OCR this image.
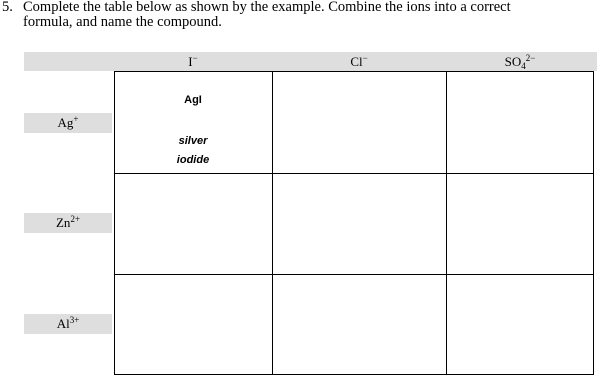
5. Complete the table below as shown by the example. Combine the ions into a correct
formula, and name the compound.
I−	Cl−	$SO_4^{2-}$
Ag+
$Zn^{2+}$
$Al^{3+}$
AgI
silver
iodide
